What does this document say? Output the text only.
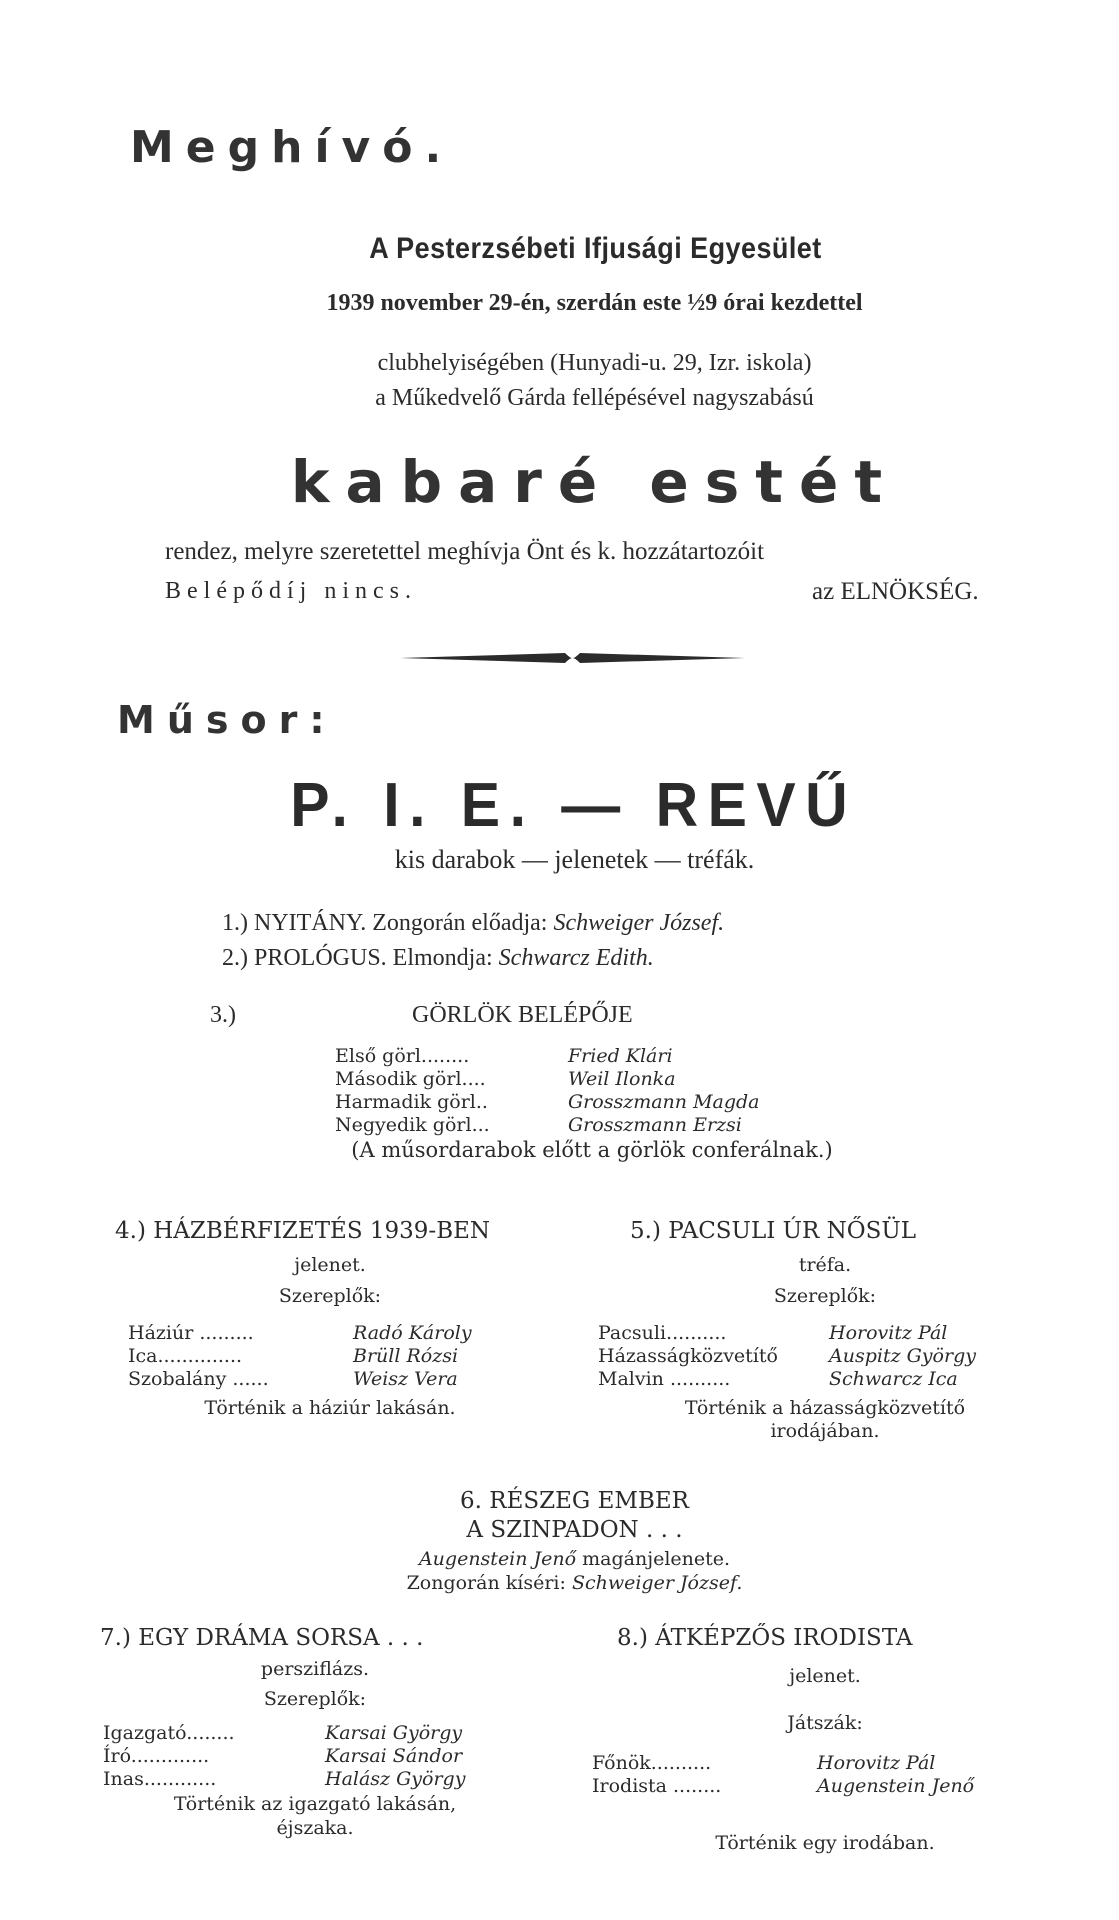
Meghívó.
A Pesterzsébeti Ifjusági Egyesület
1939 november 29-én, szerdán este ½9 órai kezdettel
clubhelyiségében (Hunyadi-u. 29, Izr. iskola)
a Műkedvelő Gárda fellépésével nagyszabású
kabaré estét
rendez, melyre szeretettel meghívja Önt és k. hozzátartozóit
Belépődíj nincs.	az ELNÖKSÉG.
Műsor:
P. I. E. — REVŰ
kis darabok — jelenetek — tréfák.
1.) NYITÁNY. Zongorán előadja: Schweiger József.
2.) PROLÓGUS. Elmondja: Schwarcz Edith.
3.)	GÖRLÖK BELÉPŐJE
Első görl........	Fried Klári
Második görl....	Weil Ilonka
Harmadik görl..	Grosszmann Magda
Negyedik görl...	Grosszmann Erzsi
(A műsordarabok előtt a görlök conferálnak.)
4.) HÁZBÉRFIZETÉS 1939-BEN
jelenet.
Szereplők:
Háziúr .........	Radó Károly
Ica..............	Brüll Rózsi
Szobalány ......	Weisz Vera
Történik a háziúr lakásán.
5.) PACSULI ÚR NŐSÜL
tréfa.
Szereplők:
Pacsuli..........	Horovitz Pál
Házasságközvetítő	Auspitz György
Malvin ..........	Schwarcz Ica
Történik a házasságközvetítő
irodájában.
6. RÉSZEG EMBER
A SZINPADON . . .
Augenstein Jenő magánjelenete.
Zongorán kíséri: Schweiger József.
7.) EGY DRÁMA SORSA . . .
persziflázs.
Szereplők:
Igazgató........	Karsai György
Író.............	Karsai Sándor
Inas............	Halász György
Történik az igazgató lakásán,
éjszaka.
8.) ÁTKÉPZŐS IRODISTA
jelenet.
Játszák:
Főnök..........	Horovitz Pál
Irodista ........	Augenstein Jenő
Történik egy irodában.
